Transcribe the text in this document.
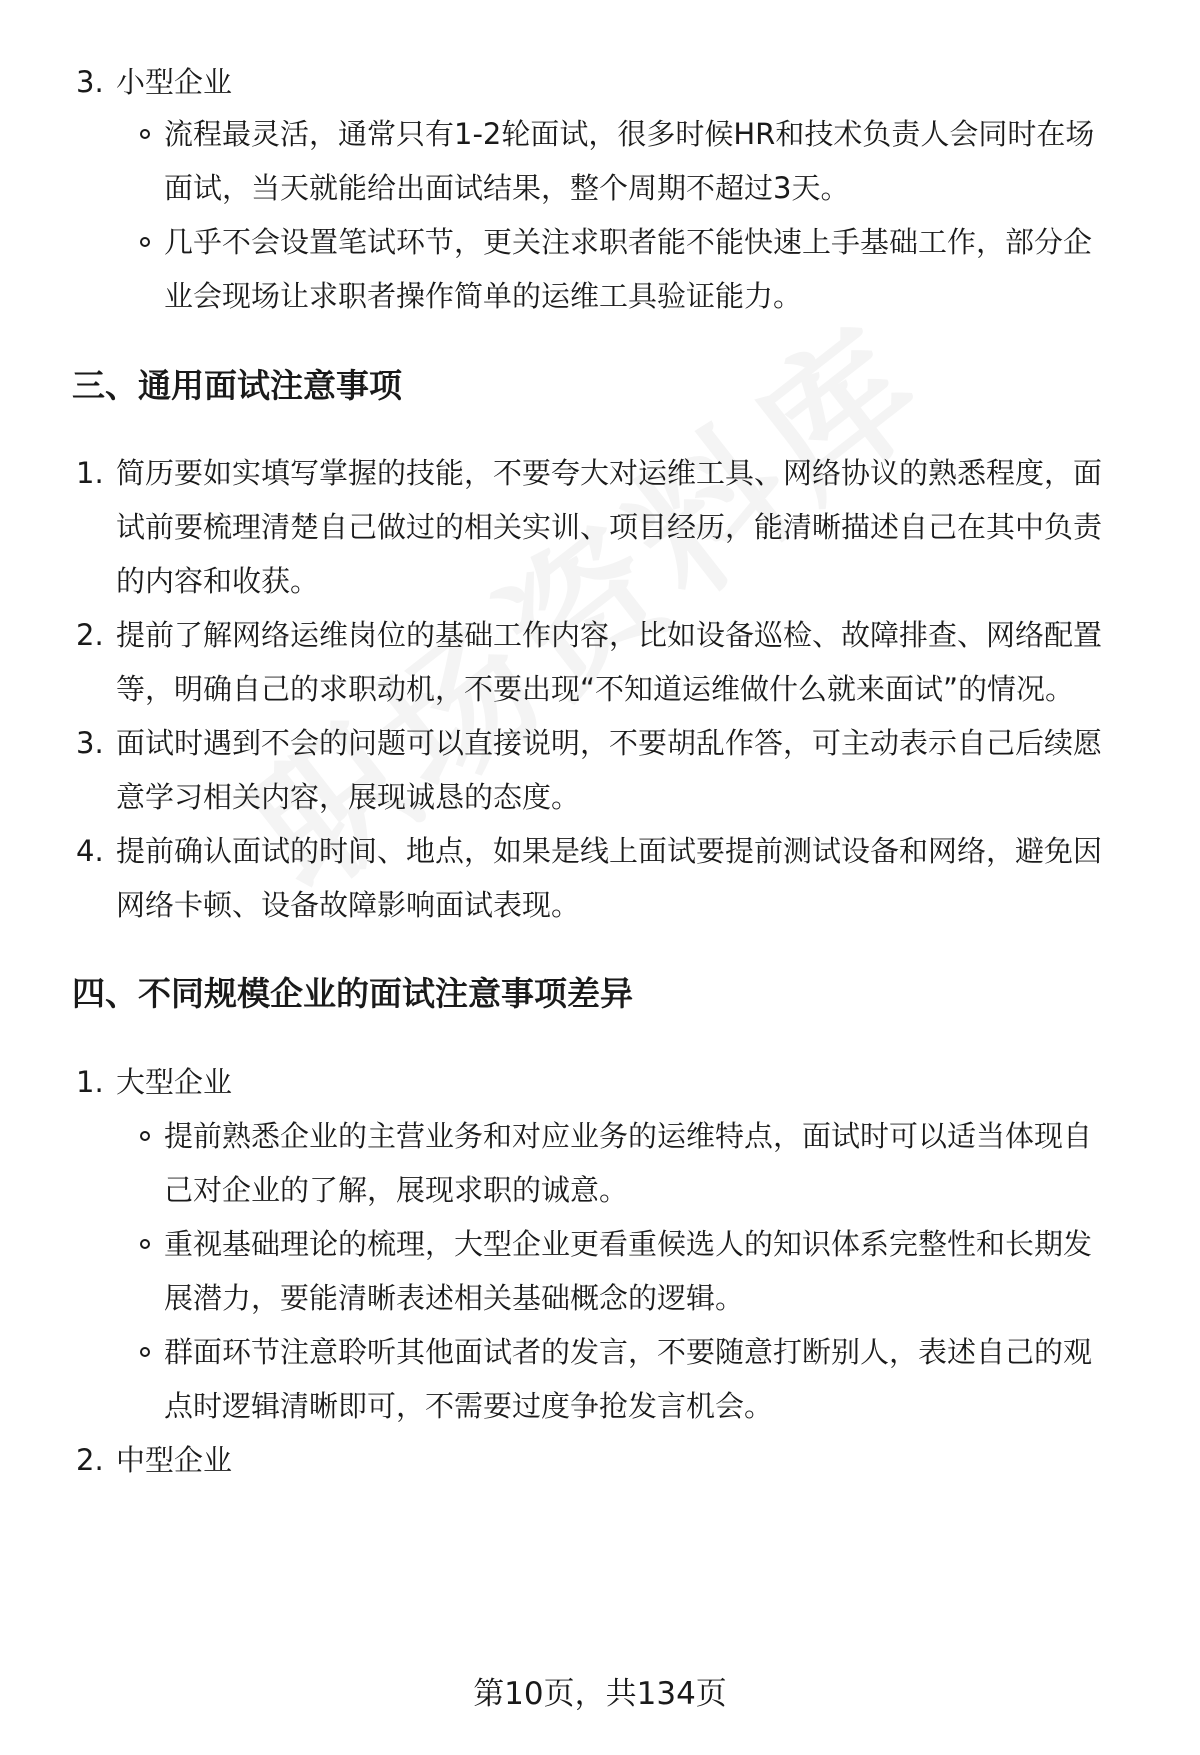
3. 小型企业
流程最灵活，通常只有1-2轮面试，很多时候HR和技术负责人会同时在场
面试，当天就能给出面试结果，整个周期不超过3天。
几乎不会设置笔试环节，更关注求职者能不能快速上手基础工作，部分企
业会现场让求职者操作简单的运维工具验证能力。
三、通用面试注意事项
1. 简历要如实填写掌握的技能，不要夸大对运维工具、网络协议的熟悉程度，面
试前要梳理清楚自己做过的相关实训、项目经历，能清晰描述自己在其中负责
的内容和收获。
2. 提前了解网络运维岗位的基础工作内容，比如设备巡检、故障排查、网络配置
等，明确自己的求职动机，不要出现“不知道运维做什么就来面试”的情况。
3. 面试时遇到不会的问题可以直接说明，不要胡乱作答，可主动表示自己后续愿
意学习相关内容，展现诚恳的态度。
4. 提前确认面试的时间、地点，如果是线上面试要提前测试设备和网络，避免因
网络卡顿、设备故障影响面试表现。
四、不同规模企业的面试注意事项差异
1. 大型企业
提前熟悉企业的主营业务和对应业务的运维特点，面试时可以适当体现自
己对企业的了解，展现求职的诚意。
重视基础理论的梳理，大型企业更看重候选人的知识体系完整性和长期发
展潜力，要能清晰表述相关基础概念的逻辑。
群面环节注意聆听其他面试者的发言，不要随意打断别人，表述自己的观
点时逻辑清晰即可，不需要过度争抢发言机会。
2. 中型企业
第10页，共134页
